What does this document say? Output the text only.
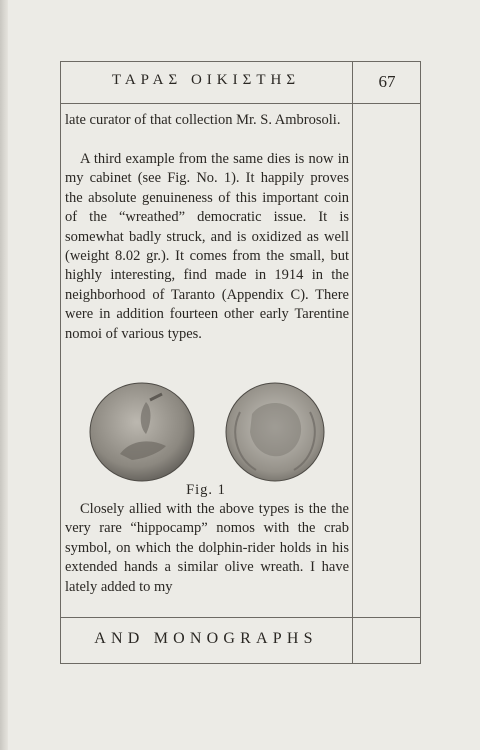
ΤΑΡΑΣ ΟΙΚΙΣΤΗΣ	67

late curator of that collection Mr. S. Ambrosoli.

A third example from the same dies is now in my cabinet (see Fig. No. 1). It happily proves the absolute genuineness of this important coin of the “wreathed” democratic issue. It is somewhat badly struck, and is oxidized as well (weight 8.02 gr.). It comes from the small, but highly interesting, find made in 1914 in the neighborhood of Taranto (Appendix C). There were in addition fourteen other early Tarentine nomoi of various types.

Fig. 1

Closely allied with the above types is the the very rare “hippocamp” nomos with the crab symbol, on which the dolphin-rider holds in his extended hands a similar olive wreath. I have lately added to my

AND MONOGRAPHS
